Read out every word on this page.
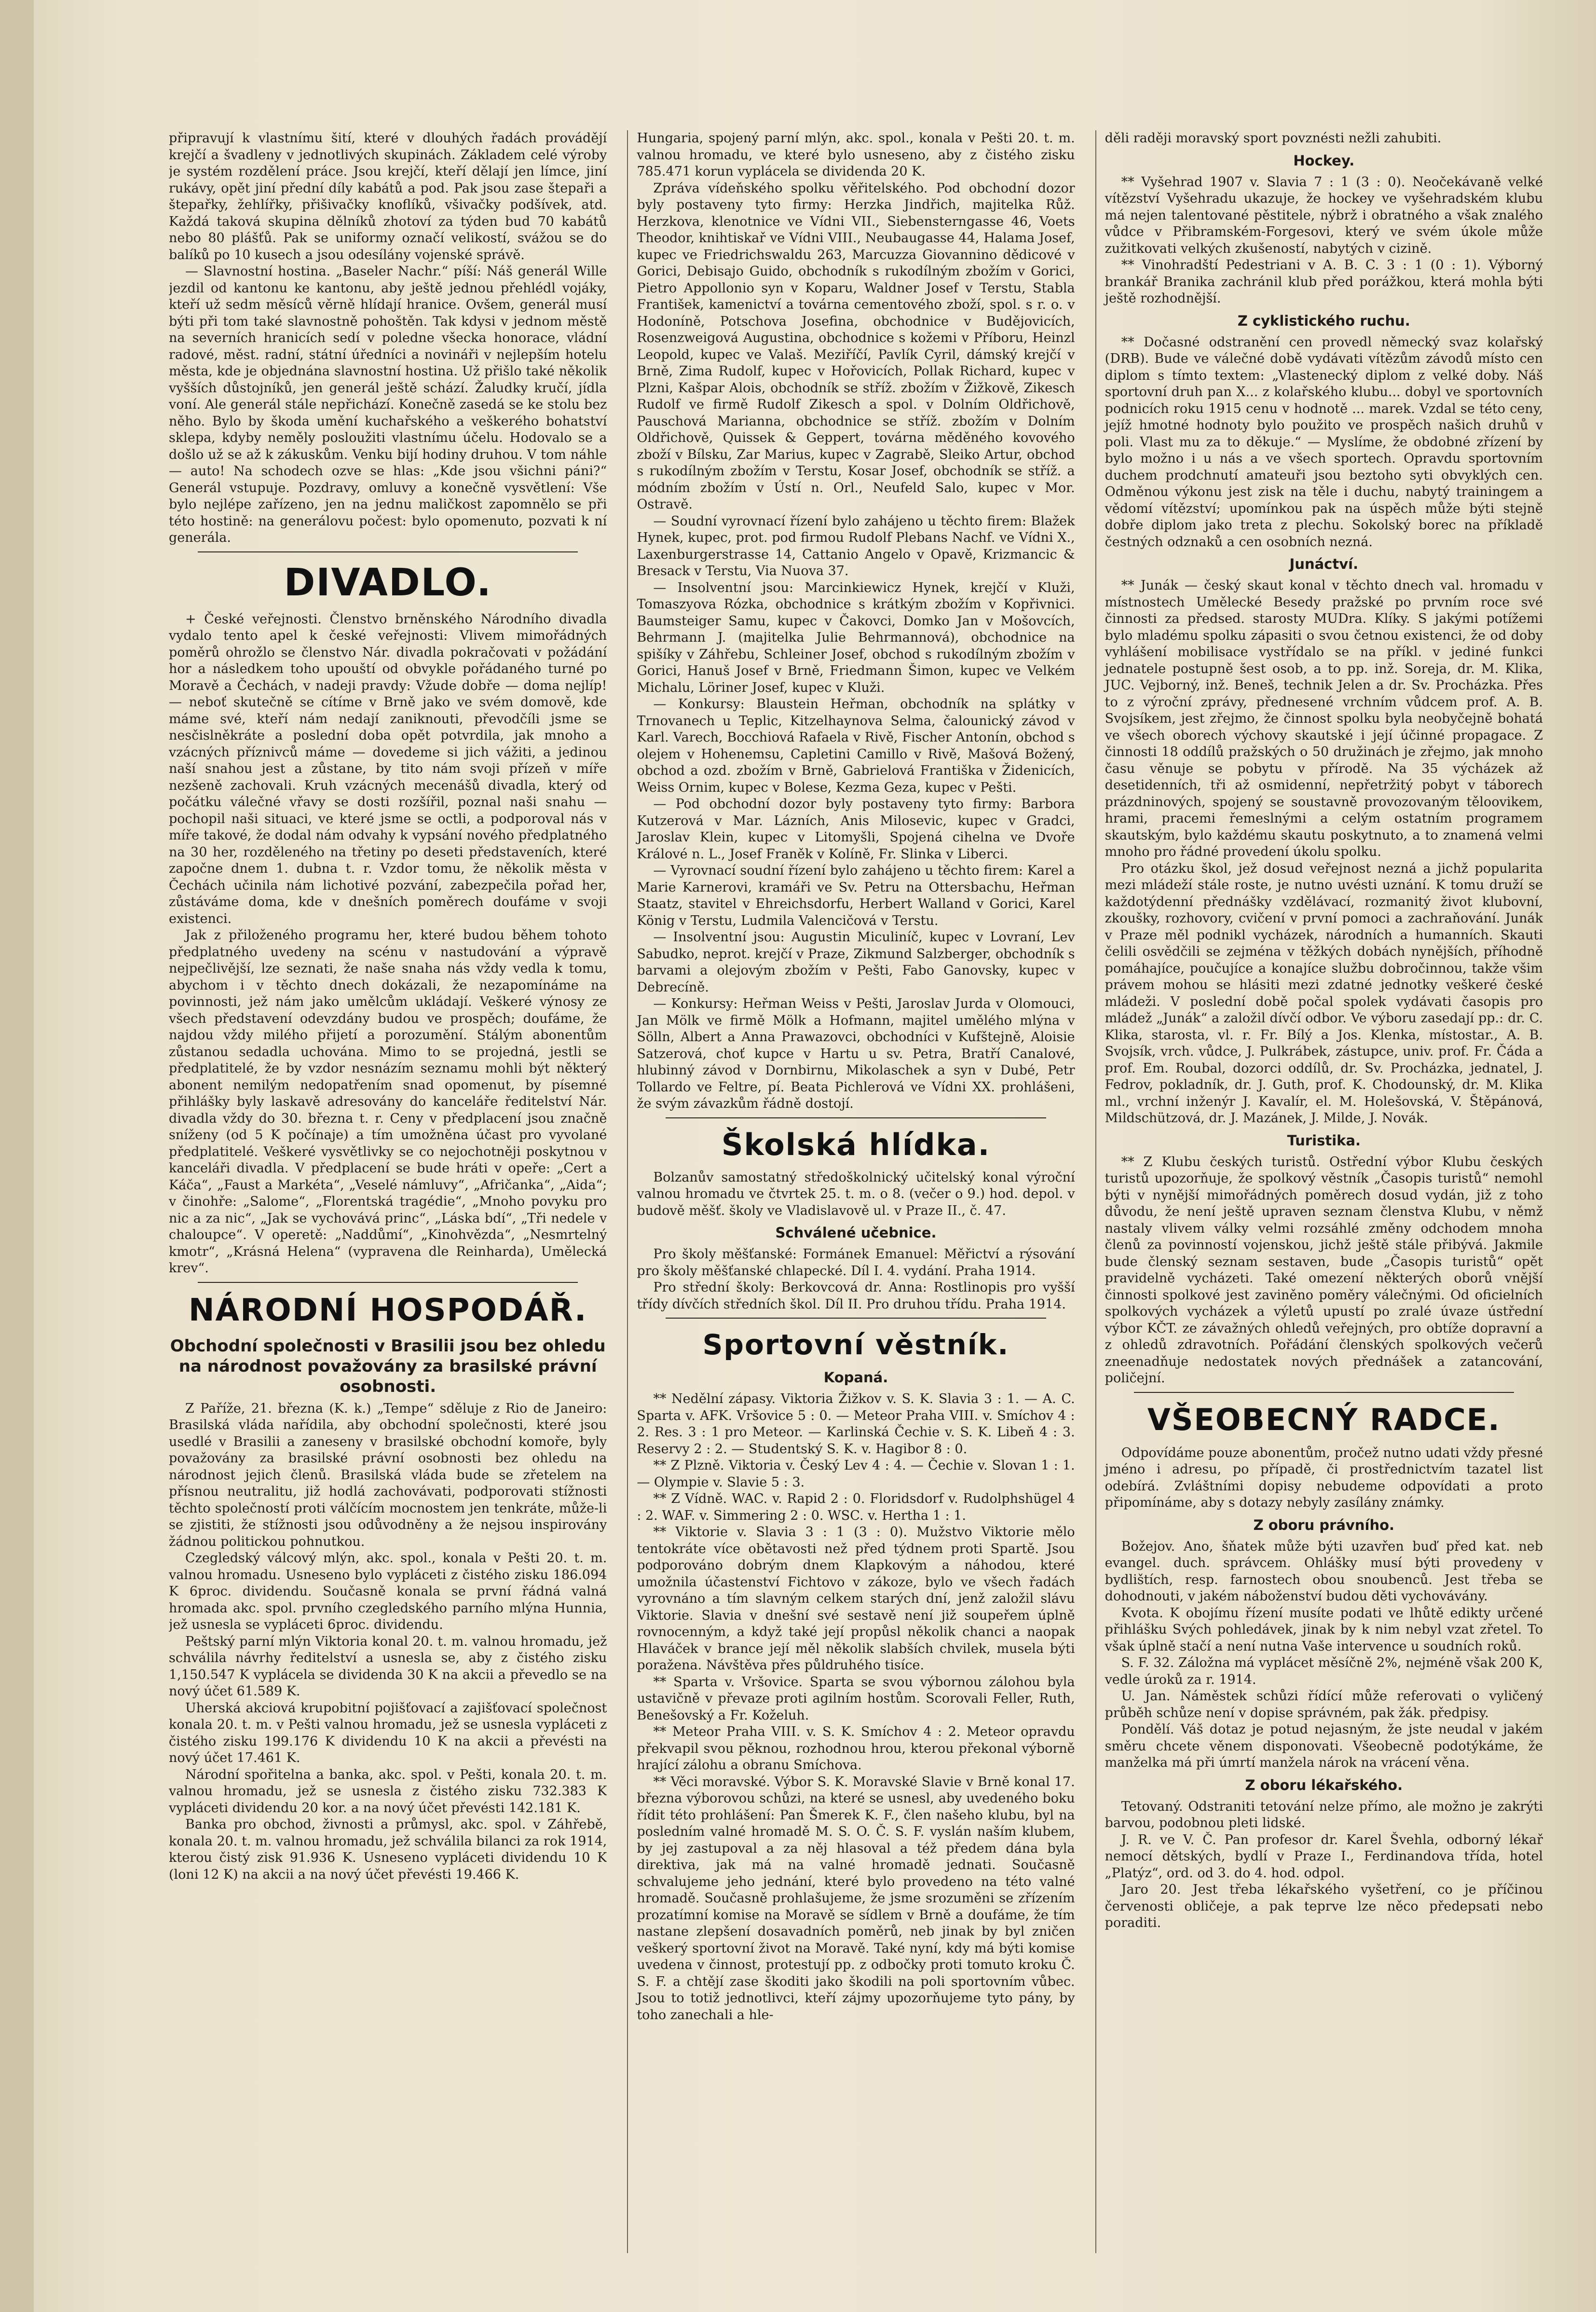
připravují k vlastnímu šití, které v dlouhých řadách provádějí krejčí a švadleny v jednotlivých skupinách. Základem celé výroby je systém rozdělení práce. Jsou krejčí, kteří dělají jen límce, jiní rukávy, opět jiní přední díly kabátů a pod. Pak jsou zase štepaři a štepařky, žehlířky, přišivačky knoflíků, všivačky podšívek, atd. Každá taková skupina dělníků zhotoví za týden bud 70 kabátů nebo 80 plášťů. Pak se uniformy označí velikostí, svážou se do balíků po 10 kusech a jsou odesílány vojenské správě.

— Slavnostní hostina. „Baseler Nachr.“ píší: Náš generál Wille jezdil od kantonu ke kantonu, aby ještě jednou přehlédl vojáky, kteří už sedm měsíců věrně hlídají hranice. Ovšem, generál musí býti při tom také slavnostně pohoštěn. Tak kdysi v jednom městě na severních hranicích sedí v poledne všecka honorace, vládní radové, měst. radní, státní úředníci a novináři v nejlepším hotelu města, kde je objednána slavnostní hostina. Už přišlo také několik vyšších důstojníků, jen generál ještě schází. Žaludky kručí, jídla voní. Ale generál stále nepřichází. Konečně zasedá se ke stolu bez něho. Bylo by škoda umění kuchařského a veškerého bohatství sklepa, kdyby neměly posloužiti vlastnímu účelu. Hodovalo se a došlo už se až k zákuskům. Venku bijí hodiny druhou. V tom náhle — auto! Na schodech ozve se hlas: „Kde jsou všichni páni?“ Generál vstupuje. Pozdravy, omluvy a konečně vysvětlení: Vše bylo nejlépe zařízeno, jen na jednu maličkost zapomnělo se při této hostině: na generálovu počest: bylo opomenuto, pozvati k ní generála.

DIVADLO.

+ České veřejnosti. Členstvo brněnského Národního divadla vydalo tento apel k české veřejnosti: Vlivem mimořádných poměrů ohrožlo se členstvo Nár. divadla pokračovati v požádání hor a následkem toho upouští od obvykle pořádaného turné po Moravě a Čechách, v nadeji pravdy: Vžude dobře — doma nejlíp! — neboť skutečně se cítíme v Brně jako ve svém domově, kde máme své, kteří nám nedají zaniknouti, převodčíli jsme se nesčislněkráte a poslední doba opět potvrdila, jak mnoho a vzácných příznivců máme — dovedeme si jich vážiti, a jedinou naší snahou jest a zůstane, by tito nám svoji přízeň v míře nezšeně zachovali. Kruh vzácných mecenášů divadla, který od počátku válečné vřavy se dosti rozšířil, poznal naši snahu — pochopil naši situaci, ve které jsme se octli, a podporoval nás v míře takové, že dodal nám odvahy k vypsání nového předplatného na 30 her, rozděleného na třetiny po deseti představeních, které započne dnem 1. dubna t. r. Vzdor tomu, že několik města v Čechách učinila nám lichotivé pozvání, zabezpečila pořad her, zůstáváme doma, kde v dnešních poměrech doufáme v svoji existenci.

Jak z přiloženého programu her, které budou během tohoto předplatného uvedeny na scénu v nastudování a výpravě nejpečlivější, lze seznati, že naše snaha nás vždy vedla k tomu, abychom i v těchto dnech dokázali, že nezapomínáme na povinnosti, jež nám jako umělcům ukládají. Veškeré výnosy ze všech představení odevzdány budou ve prospěch; doufáme, že najdou vždy milého přijetí a porozumění. Stálým abonentům zůstanou sedadla uchována. Mimo to se projedná, jestli se předplatitelé, že by vzdor nesnázím seznamu mohli být některý abonent nemilým nedopatřením snad opomenut, by písemné přihlášky byly laskavě adresovány do kanceláře ředitelství Nár. divadla vždy do 30. března t. r. Ceny v předplacení jsou značně sníženy (od 5 K počínaje) a tím umožněna účast pro vyvolané předplatitelé. Veškeré vysvětlivky se co nejochotněji poskytnou v kanceláři divadla. V předplacení se bude hráti v opeře: „Cert a Káča“, „Faust a Markéta“, „Veselé námluvy“, „Afričanka“, „Aida“; v činohře: „Salome“, „Florentská tragédie“, „Mnoho povyku pro nic a za nic“, „Jak se vychovává princ“, „Láska bdí“, „Tři nedele v chaloupce“. V operetě: „Naddůmí“, „Kinohvězda“, „Nesmrtelný kmotr“, „Krásná Helena“ (vypravena dle Reinharda), Umělecká krev“.

NÁRODNÍ HOSPODÁŘ.
Obchodní společnosti v Brasilii jsou bez ohledu na národnost považovány za brasilské právní osobnosti.

Z Paříže, 21. března (K. k.) „Tempe“ sděluje z Rio de Janeiro: Brasilská vláda nařídila, aby obchodní společnosti, které jsou usedlé v Brasilii a zaneseny v brasilské obchodní komoře, byly považovány za brasilské právní osobnosti bez ohledu na národnost jejich členů. Brasilská vláda bude se zřetelem na přísnou neutralitu, již hodlá zachovávati, podporovati stížnosti těchto společností proti válčícím mocnostem jen tenkráte, může-li se zjistiti, že stížnosti jsou odůvodněny a že nejsou inspirovány žádnou politickou pohnutkou.

Czegledský válcový mlýn, akc. spol., konala v Pešti 20. t. m. valnou hromadu. Usneseno bylo vypláceti z čistého zisku 186.094 K 6proc. dividendu. Současně konala se první řádná valná hromada akc. spol. prvního czegledského parního mlýna Hunnia, jež usnesla se vypláceti 6proc. dividendu.

Peštský parní mlýn Viktoria konal 20. t. m. valnou hromadu, jež schválila návrhy ředitelství a usnesla se, aby z čistého zisku 1,150.547 K vyplácela se dividenda 30 K na akcii a převedlo se na nový účet 61.589 K.

Uherská akciová krupobitní pojišťovací a zajišťovací společnost konala 20. t. m. v Pešti valnou hromadu, jež se usnesla vypláceti z čistého zisku 199.176 K dividendu 10 K na akcii a převésti na nový účet 17.461 K.

Národní spořitelna a banka, akc. spol. v Pešti, konala 20. t. m. valnou hromadu, jež se usnesla z čistého zisku 732.383 K vypláceti dividendu 20 kor. a na nový účet převésti 142.181 K.

Banka pro obchod, živnosti a průmysl, akc. spol. v Záhřebě, konala 20. t. m. valnou hromadu, jež schválila bilanci za rok 1914, kterou čistý zisk 91.936 K. Usneseno vypláceti dividendu 10 K (loni 12 K) na akcii a na nový účet převésti 19.466 K.

Hungaria, spojený parní mlýn, akc. spol., konala v Pešti 20. t. m. valnou hromadu, ve které bylo usneseno, aby z čistého zisku 785.471 korun vyplácela se dividenda 20 K.

Zpráva vídeňského spolku věřitelského. Pod obchodní dozor byly postaveny tyto firmy: Herzka Jindřich, majitelka Růž. Herzkova, klenotnice ve Vídni VII., Siebensterngasse 46, Voets Theodor, knihtiskař ve Vídni VIII., Neubaugasse 44, Halama Josef, kupec ve Friedrichswaldu 263, Marcuzza Giovannino dědicové v Gorici, Debisajo Guido, obchodník s rukodílným zbožím v Gorici, Pietro Appollonio syn v Koparu, Waldner Josef v Terstu, Stabla František, kamenictví a továrna cementového zboží, spol. s r. o. v Hodoníně, Potschova Josefina, obchodnice v Budějovicích, Rosenzweigová Augustina, obchodnice s kožemi v Příboru, Heinzl Leopold, kupec ve Valaš. Meziříčí, Pavlík Cyril, dámský krejčí v Brně, Zima Rudolf, kupec v Hořovicích, Pollak Richard, kupec v Plzni, Kašpar Alois, obchodník se stříž. zbožím v Žižkově, Zikesch Rudolf ve firmě Rudolf Zikesch a spol. v Dolním Oldřichově, Pauschová Marianna, obchodnice se stříž. zbožím v Dolním Oldřichově, Quissek & Geppert, továrna měděného kovového zboží v Bílsku, Zar Marius, kupec v Zagrabě, Sleiko Artur, obchod s rukodílným zbožím v Terstu, Kosar Josef, obchodník se stříž. a módním zbožím v Ústí n. Orl., Neufeld Salo, kupec v Mor. Ostravě.

— Soudní vyrovnací řízení bylo zahájeno u těchto firem: Blažek Hynek, kupec, prot. pod firmou Rudolf Plebans Nachf. ve Vídni X., Laxenburgerstrasse 14, Cattanio Angelo v Opavě, Krizmancic & Bresack v Terstu, Via Nuova 37.

— Insolventní jsou: Marcinkiewicz Hynek, krejčí v Kluži, Tomaszyova Rózka, obchodnice s krátkým zbožím v Kopřivnici. Baumsteiger Samu, kupec v Čakovci, Domko Jan v Mošovcích, Behrmann J. (majitelka Julie Behrmannová), obchodnice na spišíky v Záhřebu, Schleiner Josef, obchod s rukodílným zbožím v Gorici, Hanuš Josef v Brně, Friedmann Šimon, kupec ve Velkém Michalu, Löriner Josef, kupec v Kluži.

— Konkursy: Blaustein Heřman, obchodník na splátky v Trnovanech u Teplic, Kitzelhaynova Selma, čalounický závod v Karl. Varech, Bocchiová Rafaela v Rivě, Fischer Antonín, obchod s olejem v Hohenemsu, Capletini Camillo v Rivě, Mašová Božený, obchod a ozd. zbožím v Brně, Gabrielová Františka v Židenicích, Weiss Ornim, kupec v Bolese, Kezma Geza, kupec v Pešti.

— Pod obchodní dozor byly postaveny tyto firmy: Barbora Kutzerová v Mar. Lázních, Anis Milosevic, kupec v Gradci, Jaroslav Klein, kupec v Litomyšli, Spojená cihelna ve Dvoře Králové n. L., Josef Franěk v Kolíně, Fr. Slinka v Liberci.

— Vyrovnací soudní řízení bylo zahájeno u těchto firem: Karel a Marie Karnerovi, kramáři ve Sv. Petru na Ottersbachu, Heřman Staatz, stavitel v Ehreichsdorfu, Herbert Walland v Gorici, Karel König v Terstu, Ludmila Valencičová v Terstu.

— Insolventní jsou: Augustin Miculiníč, kupec v Lovraní, Lev Sabudko, neprot. krejčí v Praze, Zikmund Salzberger, obchodník s barvami a olejovým zbožím v Pešti, Fabo Ganovsky, kupec v Debrecíně.

— Konkursy: Heřman Weiss v Pešti, Jaroslav Jurda v Olomouci, Jan Mölk ve firmě Mölk a Hofmann, majitel umělého mlýna v Sölln, Albert a Anna Prawazovci, obchodníci v Kufštejně, Aloisie Satzerová, choť kupce v Hartu u sv. Petra, Bratří Canalové, hlubinný závod v Dornbirnu, Mikolaschek a syn v Dubé, Petr Tollardo ve Feltre, pí. Beata Pichlerová ve Vídni XX. prohlášeni, že svým závazkům řádně dostojí.

Školská hlídka.

Bolzanův samostatný středoškolnický učitelský konal výroční valnou hromadu ve čtvrtek 25. t. m. o 8. (večer o 9.) hod. depol. v budově měšť. školy ve Vladislavově ul. v Praze II., č. 47.

Schválené učebnice.

Pro školy měšťanské: Formánek Emanuel: Měřictví a rýsování pro školy měšťanské chlapecké. Díl I. 4. vydání. Praha 1914.

Pro střední školy: Berkovcová dr. Anna: Rostlinopis pro vyšší třídy dívčích středních škol. Díl II. Pro druhou třídu. Praha 1914.

Sportovní věstník.
Kopaná.

** Nedělní zápasy. Viktoria Žižkov v. S. K. Slavia 3 : 1. — A. C. Sparta v. AFK. Vršovice 5 : 0. — Meteor Praha VIII. v. Smíchov 4 : 2. Res. 3 : 1 pro Meteor. — Karlinská Čechie v. S. K. Libeň 4 : 3. Reservy 2 : 2. — Studentský S. K. v. Hagibor 8 : 0.

** Z Plzně. Viktoria v. Český Lev 4 : 4. — Čechie v. Slovan 1 : 1. — Olympie v. Slavie 5 : 3.

** Z Vídně. WAC. v. Rapid 2 : 0. Floridsdorf v. Rudolphshügel 4 : 2. WAF. v. Simmering 2 : 0. WSC. v. Hertha 1 : 1.

** Viktorie v. Slavia 3 : 1 (3 : 0). Mužstvo Viktorie mělo tentokráte více obětavosti než před týdnem proti Spartě. Jsou podporováno dobrým dnem Klapkovým a náhodou, které umožnila účastenství Fichtovo v zákoze, bylo ve všech řadách vyrovnáno a tím slavným celkem starých dní, jenž založil slávu Viktorie. Slavia v dnešní své sestavě není již soupeřem úplně rovnocenným, a když také její propůsl několik chanci a naopak Hlaváček v brance její měl několik slabších chvilek, musela býti poražena. Návštěva přes půldruhého tisíce.

** Sparta v. Vršovice. Sparta se svou výbornou zálohou byla ustavičně v převaze proti agilním hostům. Scorovali Feller, Ruth, Benešovský a Fr. Koželuh.

** Meteor Praha VIII. v. S. K. Smíchov 4 : 2. Meteor opravdu překvapil svou pěknou, rozhodnou hrou, kterou překonal výborně hrající zálohu a obranu Smíchova.

** Věci moravské. Výbor S. K. Moravské Slavie v Brně konal 17. března výborovou schůzi, na které se usnesl, aby uvedeného boku řídit této prohlášení: Pan Šmerek K. F., člen našeho klubu, byl na posledním valné hromadě M. S. O. Č. S. F. vyslán naším klubem, by jej zastupoval a za něj hlasoval a též předem dána byla direktiva, jak má na valné hromadě jednati. Současně schvalujeme jeho jednání, které bylo provedeno na této valné hromadě. Současně prohlašujeme, že jsme srozuměni se zřízením prozatímní komise na Moravě se sídlem v Brně a doufáme, že tím nastane zlepšení dosavadních poměrů, neb jinak by byl zničen veškerý sportovní život na Moravě. Také nyní, kdy má býti komise uvedena v činnost, protestují pp. z odbočky proti tomuto kroku Č. S. F. a chtějí zase škoditi jako škodili na poli sportovním vůbec. Jsou to totiž jednotlivci, kteří zájmy upozorňujeme tyto pány, by toho zanechali a hle-

děli raději moravský sport povznésti nežli zahubiti.

Hockey.

** Vyšehrad 1907 v. Slavia 7 : 1 (3 : 0). Neočekávaně velké vítězství Vyšehradu ukazuje, že hockey ve vyšehradském klubu má nejen talentované pěstitele, nýbrž i obratného a však znalého vůdce v Přibramském-Forgesovi, který ve svém úkole může zužitkovati velkých zkušeností, nabytých v cizině.

** Vinohradští Pedestriani v A. B. C. 3 : 1 (0 : 1). Výborný brankář Branika zachránil klub před porážkou, která mohla býti ještě rozhodnější.

Z cyklistického ruchu.

** Dočasné odstranění cen provedl německý svaz kolařský (DRB). Bude ve válečné době vydávati vítězům závodů místo cen diplom s tímto textem: „Vlastenecký diplom z velké doby. Náš sportovní druh pan X... z kolařského klubu... dobyl ve sportovních podnicích roku 1915 cenu v hodnotě ... marek. Vzdal se této ceny, jejíž hmotné hodnoty bylo použito ve prospěch našich druhů v poli. Vlast mu za to děkuje.“ — Myslíme, že obdobné zřízení by bylo možno i u nás a ve všech sportech. Opravdu sportovním duchem prodchnutí amateuři jsou beztoho syti obvyklých cen. Odměnou výkonu jest zisk na těle i duchu, nabytý trainingem a vědomí vítězství; upomínkou pak na úspěch může býti stejně dobře diplom jako treta z plechu. Sokolský borec na příkladě čestných odznaků a cen osobních nezná.

Junáctví.

** Junák — český skaut konal v těchto dnech val. hromadu v místnostech Umělecké Besedy pražské po prvním roce své činnosti za předsed. starosty MUDra. Klíky. S jakými potížemi bylo mladému spolku zápasiti o svou četnou existenci, že od doby vyhlášení mobilisace vystřídalo se na příkl. v jediné funkci jednatele postupně šest osob, a to pp. inž. Soreja, dr. M. Klika, JUC. Vejborný, inž. Beneš, technik Jelen a dr. Sv. Procházka. Přes to z výroční zprávy, přednesené vrchním vůdcem prof. A. B. Svojsíkem, jest zřejmo, že činnost spolku byla neobyčejně bohatá ve všech oborech výchovy skautské i její účinné propagace. Z činnosti 18 oddílů pražských o 50 družinách je zřejmo, jak mnoho času věnuje se pobytu v přírodě. Na 35 výcházek až desetidenních, tři až osmidenní, nepřetržitý pobyt v táborech prázdninových, spojený se soustavně provozovaným těloovikem, hrami, pracemi řemeslnými a celým ostatním programem skautským, bylo každému skautu poskytnuto, a to znamená velmi mnoho pro řádné provedení úkolu spolku.

Pro otázku škol, jež dosud veřejnost nezná a jichž popularita mezi mládeží stále roste, je nutno uvésti uznání. K tomu druží se každotýdenní přednášky vzdělávací, rozmanitý život klubovní, zkoušky, rozhovory, cvičení v první pomoci a zachraňování. Junák v Praze měl podnikl vycházek, národních a humanních. Skauti čelili osvědčili se zejména v těžkých dobách nynějších, příhodně pomáhajíce, poučujíce a konajíce službu dobročinnou, takže všim právem mohou se hlásiti mezi zdatné jednotky veškeré české mládeži. V poslední době počal spolek vydávati časopis pro mládež „Junák“ a založil dívčí odbor. Ve výboru zasedají pp.: dr. C. Klika, starosta, vl. r. Fr. Bílý a Jos. Klenka, místostar., A. B. Svojsík, vrch. vůdce, J. Pulkrábek, zástupce, univ. prof. Fr. Čáda a prof. Em. Roubal, dozorci oddílů, dr. Sv. Procházka, jednatel, J. Fedrov, pokladník, dr. J. Guth, prof. K. Chodounský, dr. M. Klika ml., vrchní inženýr J. Kavalír, el. M. Holešovská, V. Štěpánová, Mildschützová, dr. J. Mazánek, J. Milde, J. Novák.

Turistika.

** Z Klubu českých turistů. Ostřední výbor Klubu českých turistů upozorňuje, že spolkový věstník „Časopis turistů“ nemohl býti v nynější mimořádných poměrech dosud vydán, již z toho důvodu, že není ještě upraven seznam členstva Klubu, v němž nastaly vlivem války velmi rozsáhlé změny odchodem mnoha členů za povinností vojenskou, jichž ještě stále přibývá. Jakmile bude členský seznam sestaven, bude „Časopis turistů“ opět pravidelně vycházeti. Také omezení některých oborů vnější činnosti spolkové jest zaviněno poměry válečnými. Od oficielních spolkových vycházek a výletů upustí po zralé úvaze ústřední výbor KČT. ze závažných ohledů veřejných, pro obtíže dopravní a z ohledů zdravotních. Pořádání členských spolkových večerů zneenadňuje nedostatek nových přednášek a zatancování, poličejní.

VŠEOBECNÝ RADCE.

Odpovídáme pouze abonentům, pročež nutno udati vždy přesné jméno i adresu, po případě, či prostřednictvím tazatel list odebírá. Zvláštními dopisy nebudeme odpovídati a proto připomínáme, aby s dotazy nebyly zasílány známky.

Z oboru právního.

Božejov. Ano, šňatek může býti uzavřen buď před kat. neb evangel. duch. správcem. Ohlášky musí býti provedeny v bydlištích, resp. farnostech obou snoubenců. Jest třeba se dohodnouti, v jakém náboženství budou děti vychovávány.

Kvota. K obojímu řízení musíte podati ve lhůtě edikty určené přihlášku Svých pohledávek, jinak by k nim nebyl vzat zřetel. To však úplně stačí a není nutna Vaše intervence u soudních roků.

S. F. 32. Záložna má vyplácet měsíčně 2%, nejméně však 200 K, vedle úroků za r. 1914.

U. Jan. Náměstek schůzi řídící může referovati o vyličený průběh schůze není v dopise správném, pak žák. předpisy.

Pondělí. Váš dotaz je potud nejasným, že jste neudal v jakém směru chcete věnem disponovati. Všeobecně podotýkáme, že manželka má při úmrtí manžela nárok na vrácení věna.

Z oboru lékařského.

Tetovaný. Odstraniti tetování nelze přímo, ale možno je zakrýti barvou, podobnou pleti lidské.

J. R. ve V. Č. Pan profesor dr. Karel Švehla, odborný lékař nemocí dětských, bydlí v Praze I., Ferdinandova třída, hotel „Platýz“, ord. od 3. do 4. hod. odpol.

Jaro 20. Jest třeba lékařského vyšetření, co je příčinou červenosti obličeje, a pak teprve lze něco předepsati nebo poraditi.
